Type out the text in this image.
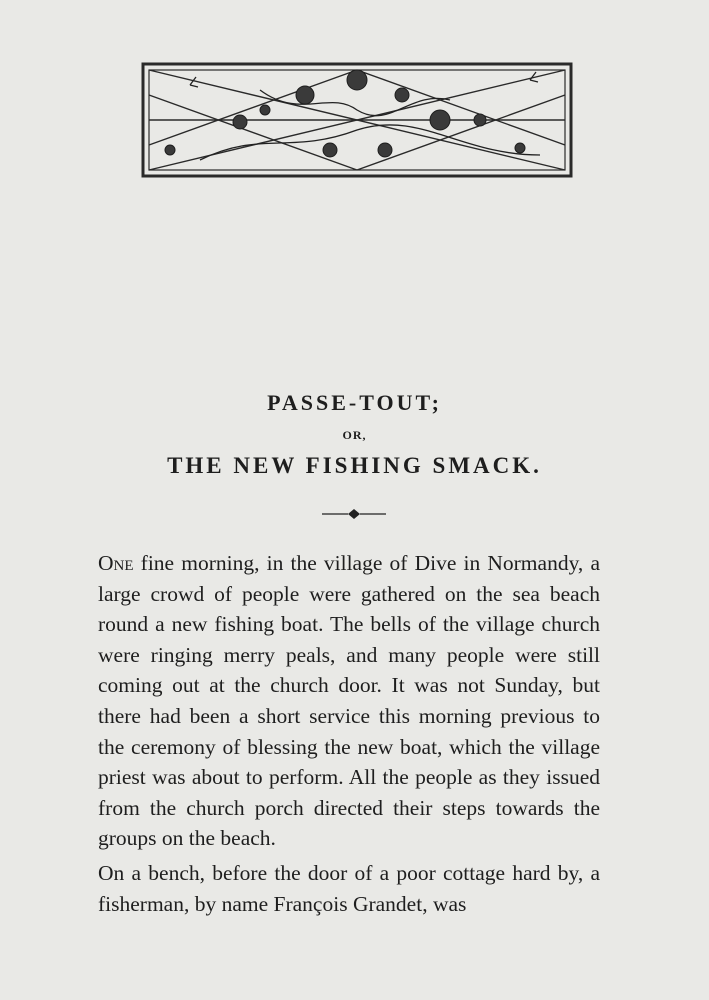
PASSE-TOUT;
OR,
THE NEW FISHING SMACK.

One fine morning, in the village of Dive in Normandy, a large crowd of people were gathered on the sea beach round a new fishing boat. The bells of the village church were ringing merry peals, and many people were still coming out at the church door. It was not Sunday, but there had been a short service this morning previous to the ceremony of blessing the new boat, which the village priest was about to perform. All the people as they issued from the church porch directed their steps towards the groups on the beach.

On a bench, before the door of a poor cottage hard by, a fisherman, by name François Grandet, was
